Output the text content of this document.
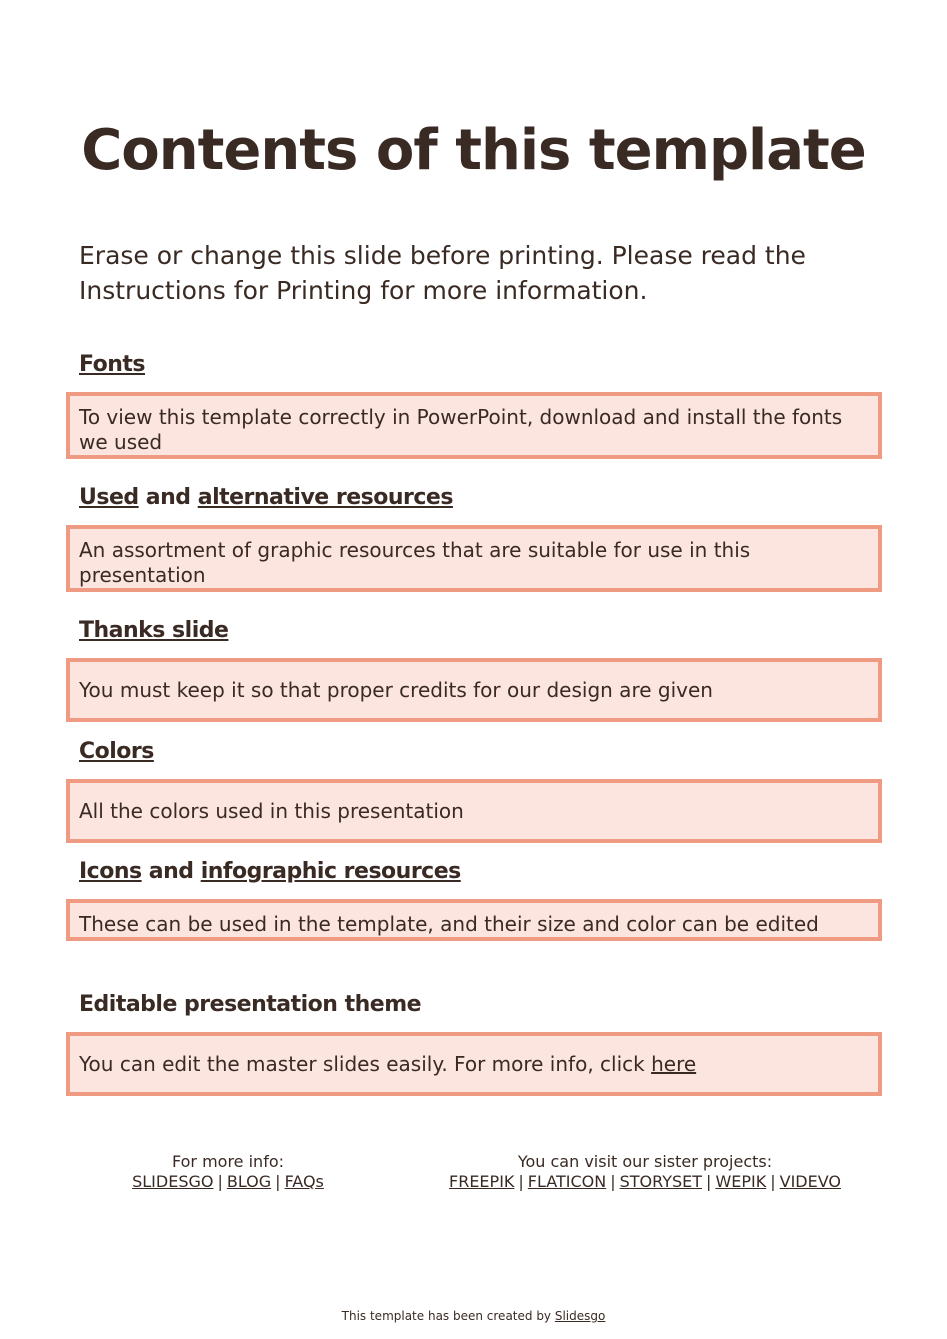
Contents of this template

Erase or change this slide before printing. Please read the Instructions for Printing for more information.

Fonts

To view this template correctly in PowerPoint, download and install the fonts we used

Used and alternative resources

An assortment of graphic resources that are suitable for use in this presentation

Thanks slide

You must keep it so that proper credits for our design are given

Colors

All the colors used in this presentation

Icons and infographic resources

These can be used in the template, and their size and color can be edited

Editable presentation theme

You can edit the master slides easily. For more info, click here
For more info:
SLIDESGO | BLOG | FAQs
You can visit our sister projects:
FREEPIK | FLATICON | STORYSET | WEPIK | VIDEVO
This template has been created by Slidesgo
